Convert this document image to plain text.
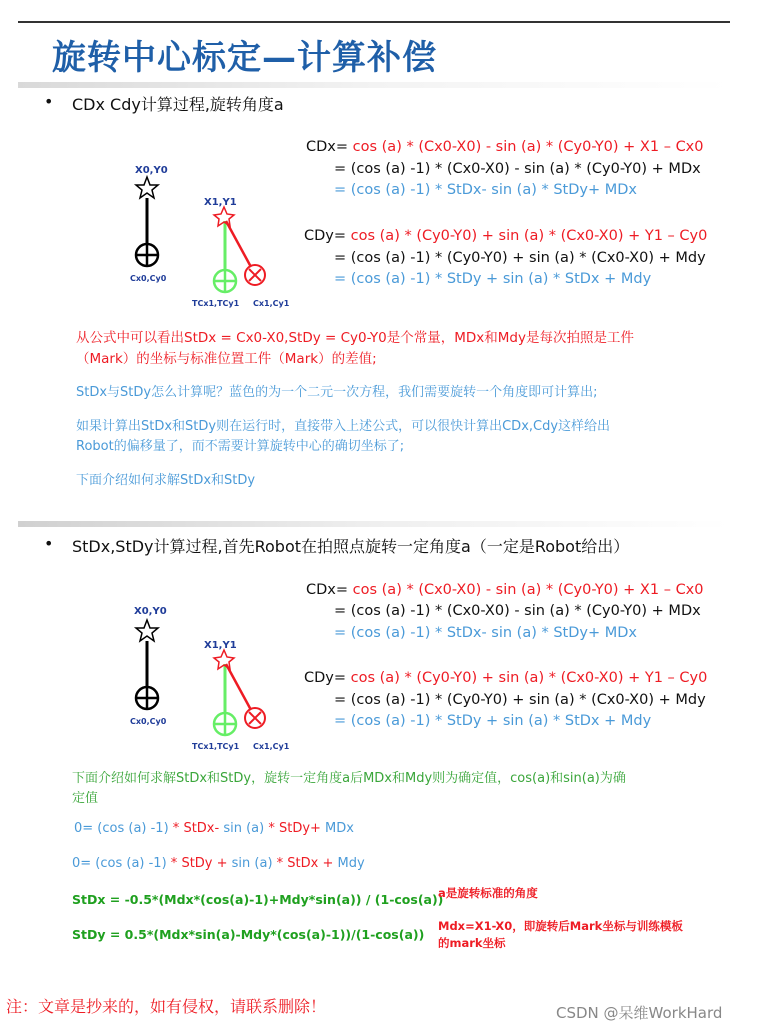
旋转中心标定—计算补偿
• CDx Cdy计算过程,旋转角度a
X0,Y0
Cx0,Cy0
X1,Y1
TCx1,TCy1 Cx1,Cy1
CDx= cos (a) * (Cx0-X0) - sin (a) * (Cy0-Y0) + X1 – Cx0
= (cos (a) -1) * (Cx0-X0) - sin (a) * (Cy0-Y0) + MDx
= (cos (a) -1) * StDx- sin (a) * StDy+ MDx
CDy= cos (a) * (Cy0-Y0) + sin (a) * (Cx0-X0) + Y1 – Cy0
= (cos (a) -1) * (Cy0-Y0) + sin (a) * (Cx0-X0) + Mdy
= (cos (a) -1) * StDy + sin (a) * StDx + Mdy
从公式中可以看出StDx = Cx0-X0,StDy = Cy0-Y0是个常量，MDx和Mdy是每次拍照是工件
（Mark）的坐标与标准位置工件（Mark）的差值;
StDx与StDy怎么计算呢？蓝色的为一个二元一次方程，我们需要旋转一个角度即可计算出;
如果计算出StDx和StDy则在运行时，直接带入上述公式，可以很快计算出CDx,Cdy这样给出
Robot的偏移量了，而不需要计算旋转中心的确切坐标了;
下面介绍如何求解StDx和StDy
• StDx,StDy计算过程,首先Robot在拍照点旋转一定角度a（一定是Robot给出）
X0,Y0
Cx0,Cy0
X1,Y1
TCx1,TCy1 Cx1,Cy1
CDx= cos (a) * (Cx0-X0) - sin (a) * (Cy0-Y0) + X1 – Cx0
= (cos (a) -1) * (Cx0-X0) - sin (a) * (Cy0-Y0) + MDx
= (cos (a) -1) * StDx- sin (a) * StDy+ MDx
CDy= cos (a) * (Cy0-Y0) + sin (a) * (Cx0-X0) + Y1 – Cy0
= (cos (a) -1) * (Cy0-Y0) + sin (a) * (Cx0-X0) + Mdy
= (cos (a) -1) * StDy + sin (a) * StDx + Mdy
下面介绍如何求解StDx和StDy，旋转一定角度a后MDx和Mdy则为确定值，cos(a)和sin(a)为确
定值
0= (cos (a) -1) * StDx- sin (a) * StDy+ MDx
0= (cos (a) -1) * StDy + sin (a) * StDx + Mdy
StDx = -0.5*(Mdx*(cos(a)-1)+Mdy*sin(a)) / (1-cos(a))
StDy = 0.5*(Mdx*sin(a)-Mdy*(cos(a)-1))/(1-cos(a))
a是旋转标准的角度
Mdx=X1-X0，即旋转后Mark坐标与训练模板
的mark坐标
注：文章是抄来的，如有侵权，请联系删除！	CSDN @呆维WorkHard
